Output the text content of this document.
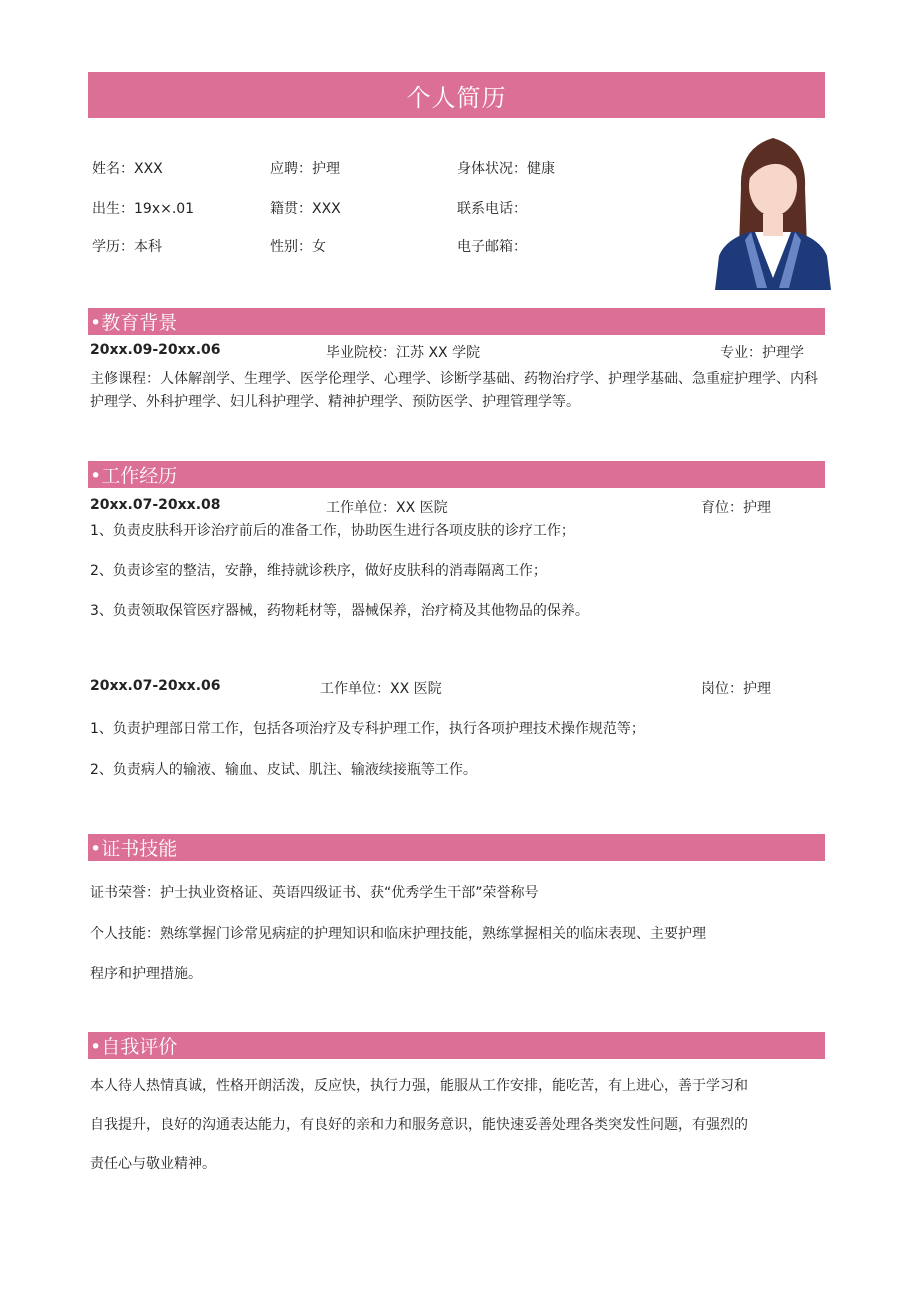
个人简历
姓名：XXX	应聘：护理	身体状况：健康
出生：19x×.01	籍贯：XXX	联系电话：
学历：本科	性别：女	电子邮箱：
•教育背景
20xx.09-20xx.06	毕业院校：江苏 XX 学院	专业：护理学
主修课程：人体解剖学、生理学、医学伦理学、心理学、诊断学基础、药物治疗学、护理学基础、急重症护理学、内科护理学、外科护理学、妇儿科护理学、精神护理学、预防医学、护理管理学等。
•工作经历
20xx.07-20xx.08	工作单位：XX 医院	育位：护理
1、负责皮肤科开诊治疗前后的准备工作，协助医生进行各项皮肤的诊疗工作；
2、负责诊室的整洁，安静，维持就诊秩序，做好皮肤科的消毒隔离工作；
3、负责领取保管医疗器械，药物耗材等，器械保养，治疗椅及其他物品的保养。
20xx.07-20xx.06	工作单位：XX 医院	岗位：护理
1、负责护理部日常工作，包括各项治疗及专科护理工作，执行各项护理技术操作规范等；
2、负责病人的输液、输血、皮试、肌注、输液续接瓶等工作。
•证书技能
证书荣誉：护士执业资格证、英语四级证书、获“优秀学生干部”荣誉称号
个人技能：熟练掌握门诊常见病症的护理知识和临床护理技能，熟练掌握相关的临床表现、主要护理
程序和护理措施。
•自我评价
本人待人热情真诚，性格开朗活泼，反应快，执行力强，能服从工作安排，能吃苦，有上进心，善于学习和
自我提升，良好的沟通表达能力，有良好的亲和力和服务意识，能快速妥善处理各类突发性问题，有强烈的
责任心与敬业精神。
